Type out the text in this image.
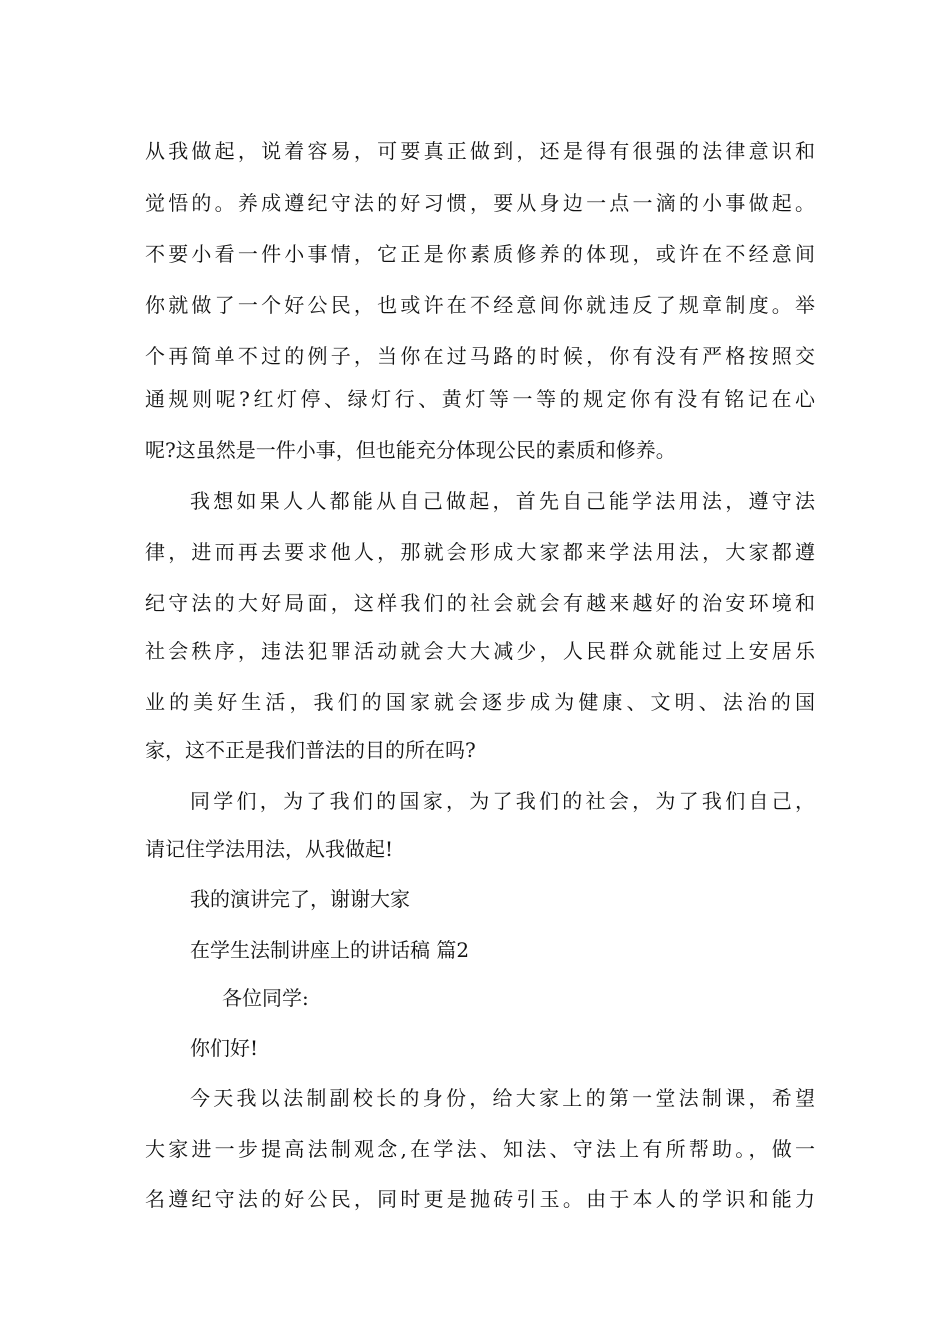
从我做起，说着容易，可要真正做到，还是得有很强的法律意识和
觉悟的。养成遵纪守法的好习惯，要从身边一点一滴的小事做起。
不要小看一件小事情，它正是你素质修养的体现，或许在不经意间
你就做了一个好公民，也或许在不经意间你就违反了规章制度。举
个再简单不过的例子，当你在过马路的时候，你有没有严格按照交
通规则呢?红灯停、绿灯行、黄灯等一等的规定你有没有铭记在心
呢?这虽然是一件小事，但也能充分体现公民的素质和修养。
我想如果人人都能从自己做起，首先自己能学法用法，遵守法
律，进而再去要求他人，那就会形成大家都来学法用法，大家都遵
纪守法的大好局面，这样我们的社会就会有越来越好的治安环境和
社会秩序，违法犯罪活动就会大大减少，人民群众就能过上安居乐
业的美好生活，我们的国家就会逐步成为健康、文明、法治的国
家，这不正是我们普法的目的所在吗?
同学们，为了我们的国家，为了我们的社会，为了我们自己，
请记住学法用法，从我做起!
我的演讲完了，谢谢大家
在学生法制讲座上的讲话稿 篇2
各位同学:
你们好!
今天我以法制副校长的身份，给大家上的第一堂法制课，希望
大家进一步提高法制观念,在学法、知法、守法上有所帮助。，做一
名遵纪守法的好公民，同时更是抛砖引玉。由于本人的学识和能力
